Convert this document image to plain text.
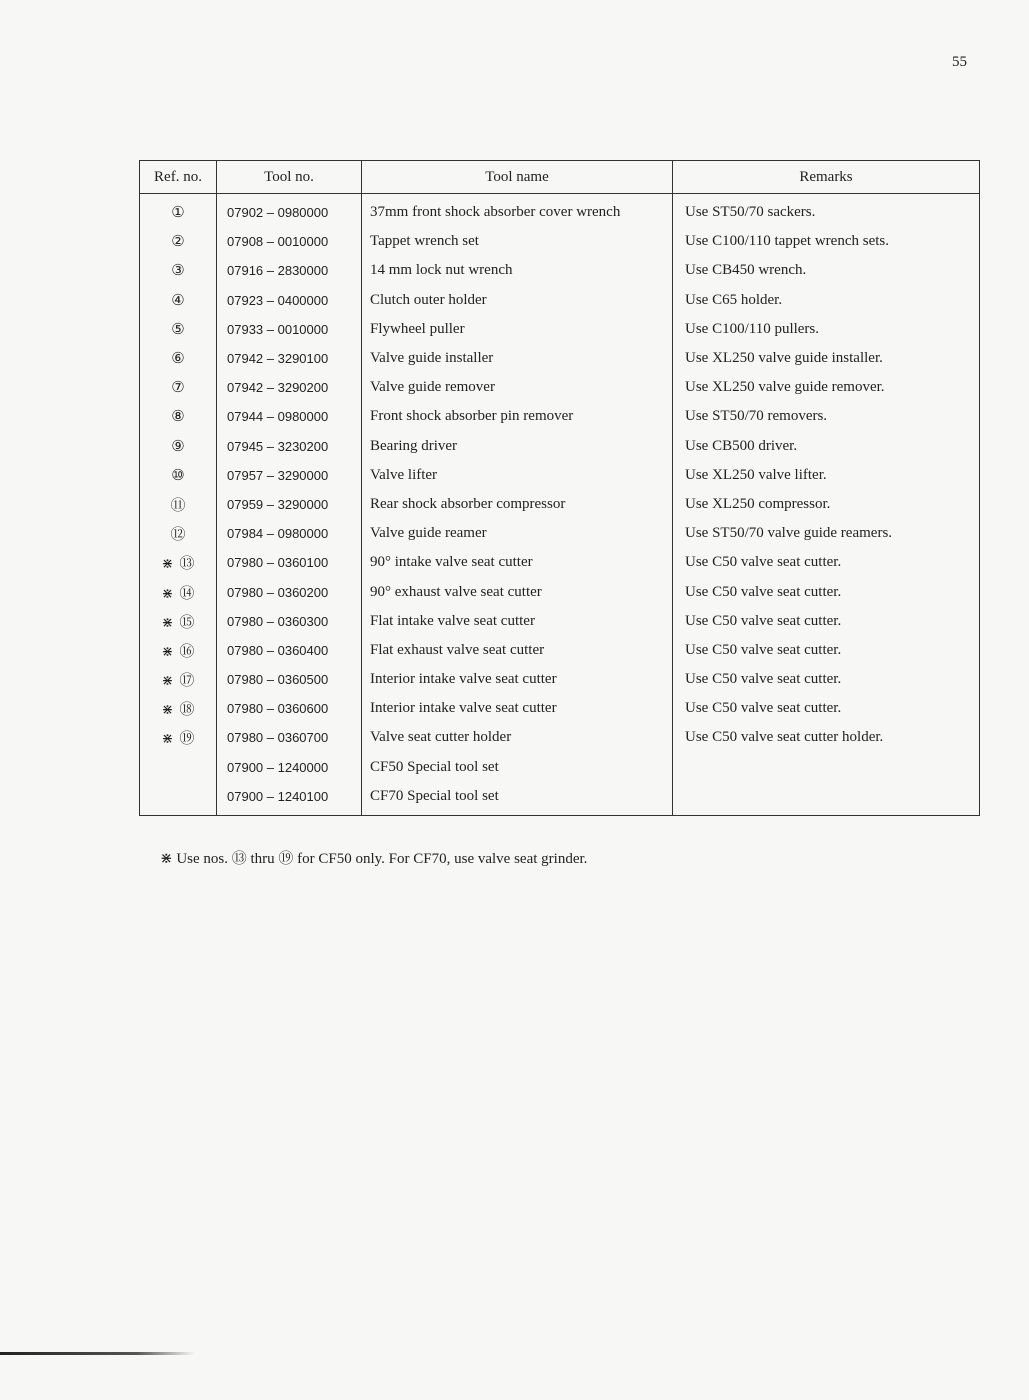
55
Ref. no.	Tool no.	Tool name	Remarks
①	07902 – 0980000	37mm front shock absorber cover wrench	Use ST50/70 sackers.
②	07908 – 0010000	Tappet wrench set	Use C100/110 tappet wrench sets.
③	07916 – 2830000	14 mm lock nut wrench	Use CB450 wrench.
④	07923 – 0400000	Clutch outer holder	Use C65 holder.
⑤	07933 – 0010000	Flywheel puller	Use C100/110 pullers.
⑥	07942 – 3290100	Valve guide installer	Use XL250 valve guide installer.
⑦	07942 – 3290200	Valve guide remover	Use XL250 valve guide remover.
⑧	07944 – 0980000	Front shock absorber pin remover	Use ST50/70 removers.
⑨	07945 – 3230200	Bearing driver	Use CB500 driver.
⑩	07957 – 3290000	Valve lifter	Use XL250 valve lifter.
⑪	07959 – 3290000	Rear shock absorber compressor	Use XL250 compressor.
⑫	07984 – 0980000	Valve guide reamer	Use ST50/70 valve guide reamers.
⋇ ⑬	07980 – 0360100	90° intake valve seat cutter	Use C50 valve seat cutter.
⋇ ⑭	07980 – 0360200	90° exhaust valve seat cutter	Use C50 valve seat cutter.
⋇ ⑮	07980 – 0360300	Flat intake valve seat cutter	Use C50 valve seat cutter.
⋇ ⑯	07980 – 0360400	Flat exhaust valve seat cutter	Use C50 valve seat cutter.
⋇ ⑰	07980 – 0360500	Interior intake valve seat cutter	Use C50 valve seat cutter.
⋇ ⑱	07980 – 0360600	Interior intake valve seat cutter	Use C50 valve seat cutter.
⋇ ⑲	07980 – 0360700	Valve seat cutter holder	Use C50 valve seat cutter holder.
	07900 – 1240000	CF50 Special tool set	
	07900 – 1240100	CF70 Special tool set	
⋇ Use nos. ⑬ thru ⑲ for CF50 only. For CF70, use valve seat grinder.
